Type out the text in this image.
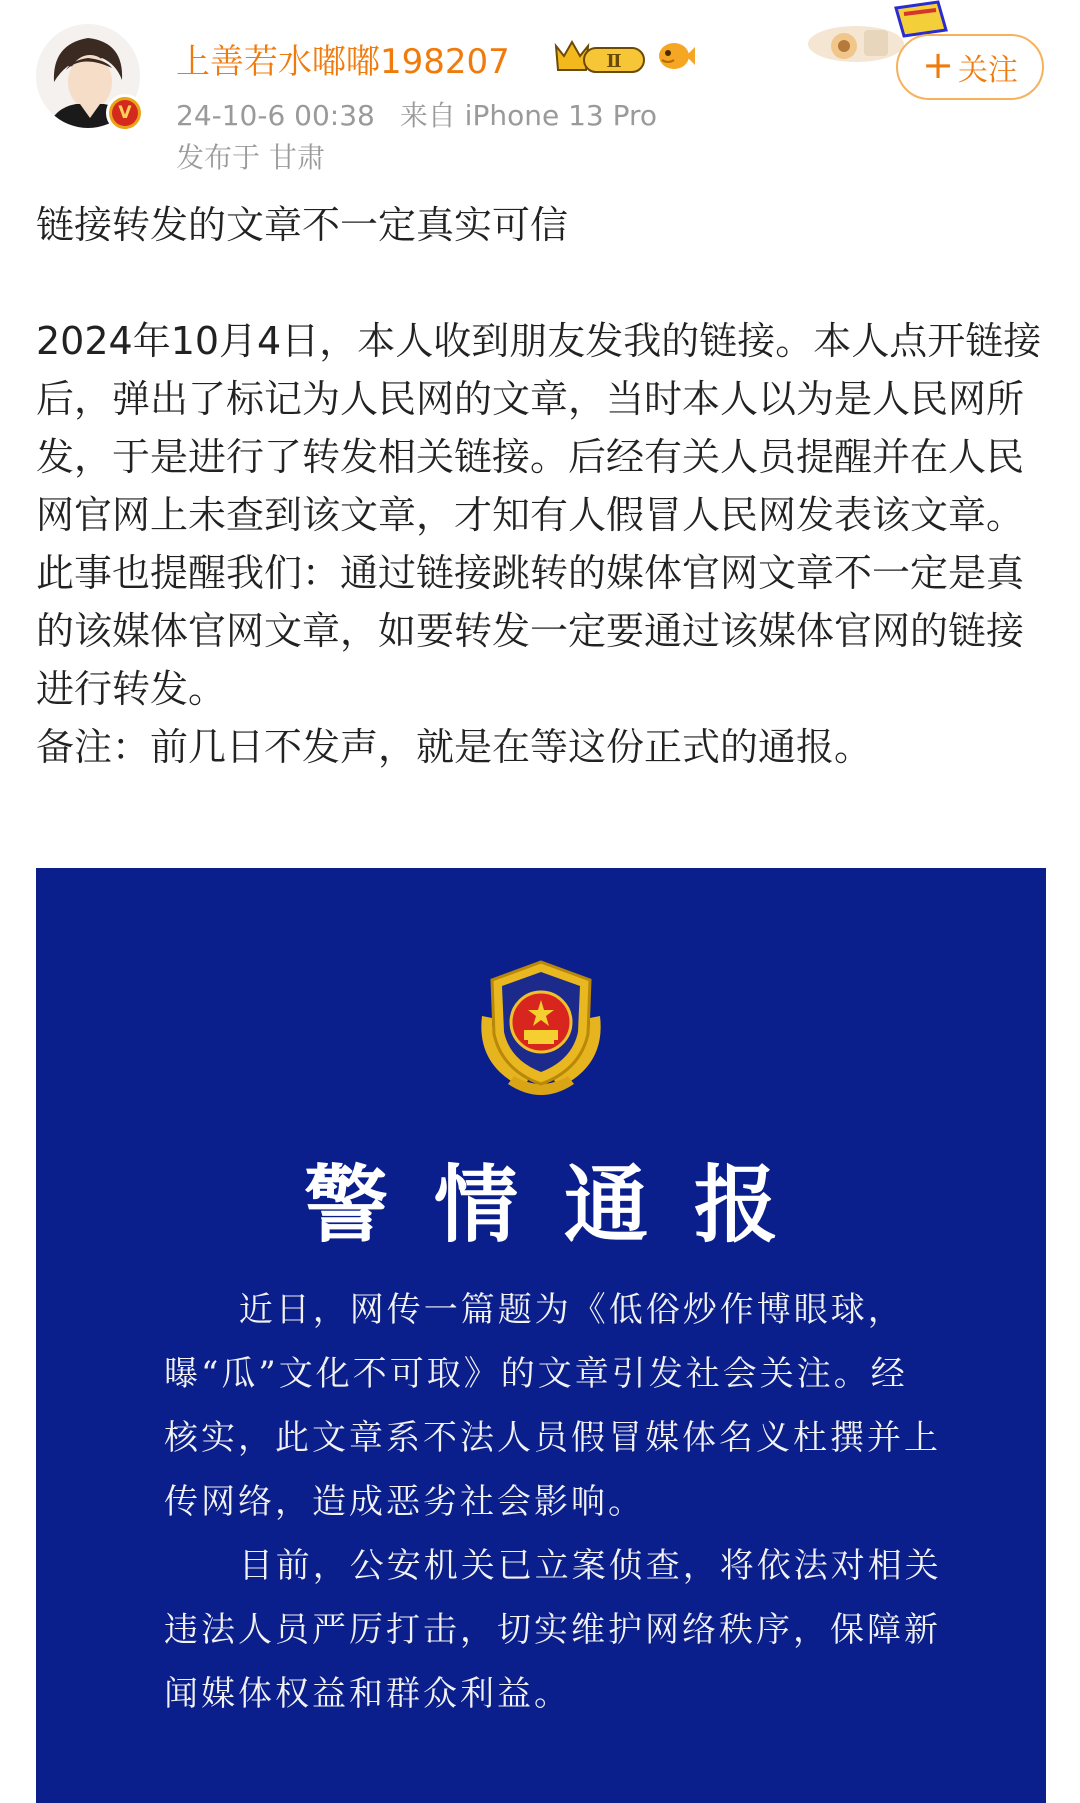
V
上善若水嘟嘟198207	Ⅱ
24-10-6 00:38 来自 iPhone 13 Pro
发布于 甘肃
+ 关注

链接转发的文章不一定真实可信

2024年10月4日，本人收到朋友发我的链接。本人点开链接后，弹出了标记为人民网的文章，当时本人以为是人民网所发，于是进行了转发相关链接。后经有关人员提醒并在人民网官网上未查到该文章，才知有人假冒人民网发表该文章。

此事也提醒我们：通过链接跳转的媒体官网文章不一定是真的该媒体官网文章，如要转发一定要通过该媒体官网的链接进行转发。

备注：前几日不发声，就是在等这份正式的通报。

警情通报

近日，网传一篇题为《低俗炒作博眼球，曝“瓜”文化不可取》的文章引发社会关注。经核实，此文章系不法人员假冒媒体名义杜撰并上传网络，造成恶劣社会影响。

目前，公安机关已立案侦查，将依法对相关违法人员严厉打击，切实维护网络秩序，保障新闻媒体权益和群众利益。
